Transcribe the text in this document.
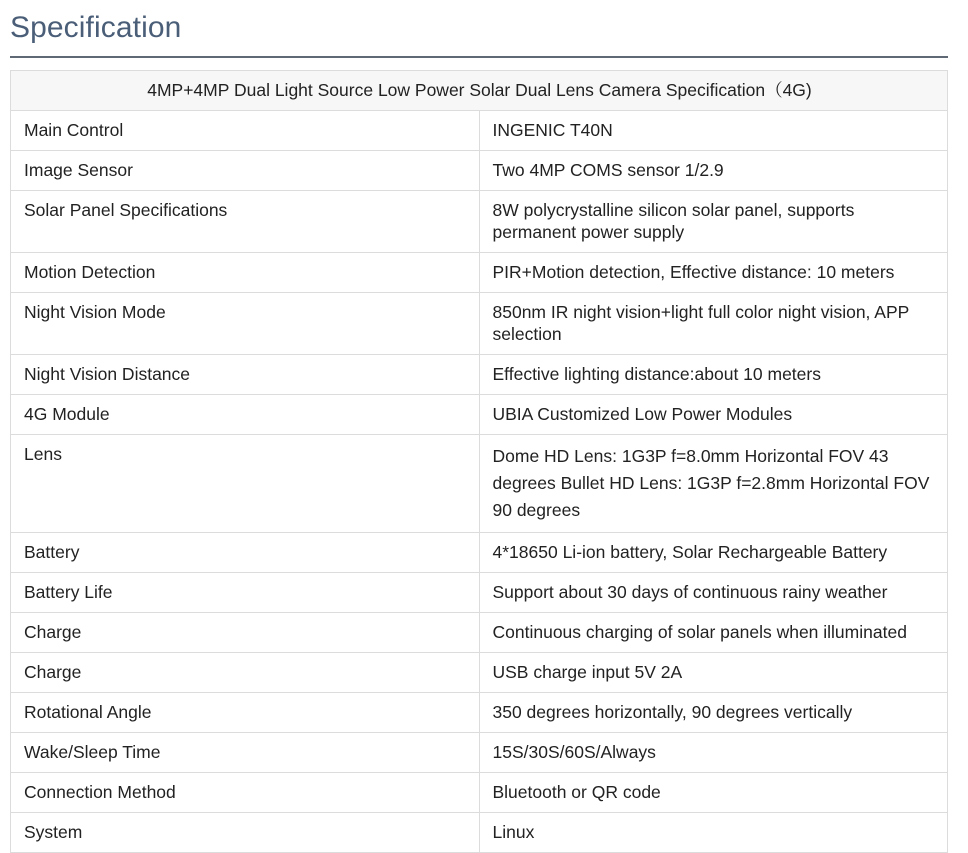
Specification
4MP+4MP Dual Light Source Low Power Solar Dual Lens Camera Specification（4G)	
Main Control	INGENIC T40N
Image Sensor	Two 4MP COMS sensor 1/2.9
Solar Panel Specifications	8W polycrystalline silicon solar panel, supports permanent power supply
Motion Detection	PIR+Motion detection, Effective distance: 10 meters
Night Vision Mode	850nm IR night vision+light full color night vision, APP selection
Night Vision Distance	Effective lighting distance:about 10 meters
4G Module	UBIA Customized Low Power Modules
Lens	Dome HD Lens: 1G3P f=8.0mm Horizontal FOV 43 degrees Bullet HD Lens: 1G3P f=2.8mm Horizontal FOV 90 degrees
Battery	4*18650 Li-ion battery, Solar Rechargeable Battery
Battery Life	Support about 30 days of continuous rainy weather
Charge	Continuous charging of solar panels when illuminated
Charge	USB charge input 5V 2A
Rotational Angle	350 degrees horizontally, 90 degrees vertically
Wake/Sleep Time	15S/30S/60S/Always
Connection Method	Bluetooth or QR code
System	Linux
